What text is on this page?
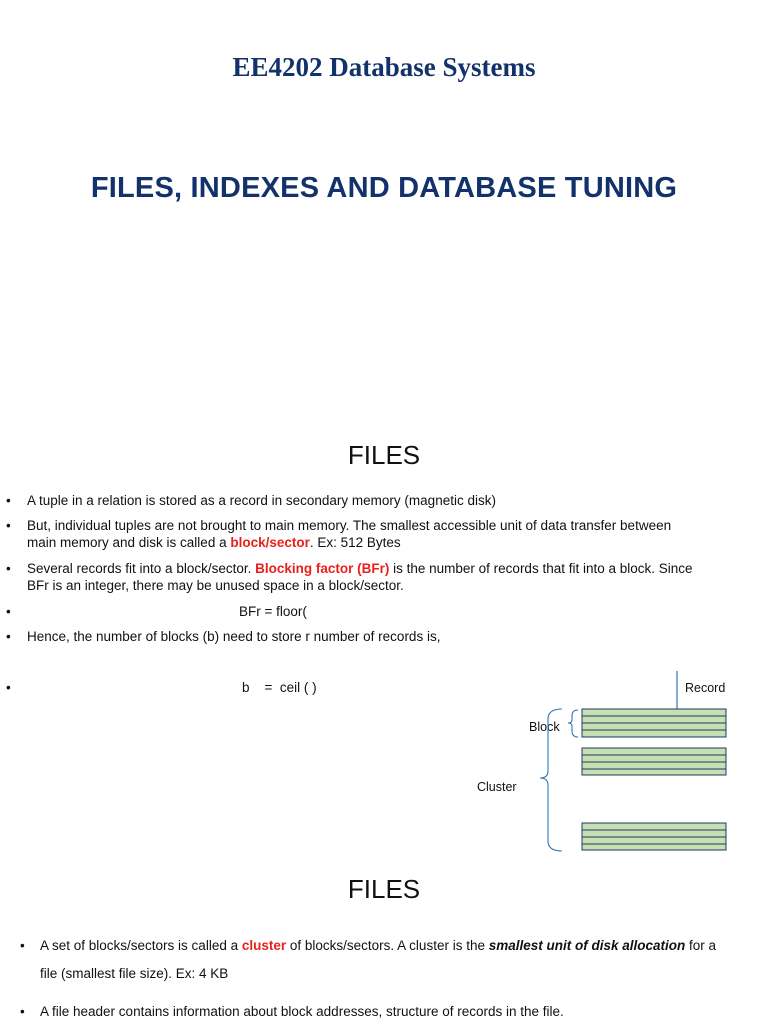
EE4202 Database Systems
FILES, INDEXES AND DATABASE TUNING
FILES
• A tuple in a relation is stored as a record in secondary memory (magnetic disk)
• But, individual tuples are not brought to main memory. The smallest accessible unit of data transfer between
main memory and disk is called a block/sector. Ex: 512 Bytes
• Several records fit into a block/sector. Blocking factor (BFr) is the number of records that fit into a block. Since
BFr is an integer, there may be unused space in a block/sector.
•	BFr = floor(
• Hence, the number of blocks (b) need to store r number of records is,
•	b    =  ceil ( )	Record
Block
Cluster
FILES
• A set of blocks/sectors is called a cluster of blocks/sectors. A cluster is the smallest unit of disk allocation for a
file (smallest file size). Ex: 4 KB
• A file header contains information about block addresses, structure of records in the file.
